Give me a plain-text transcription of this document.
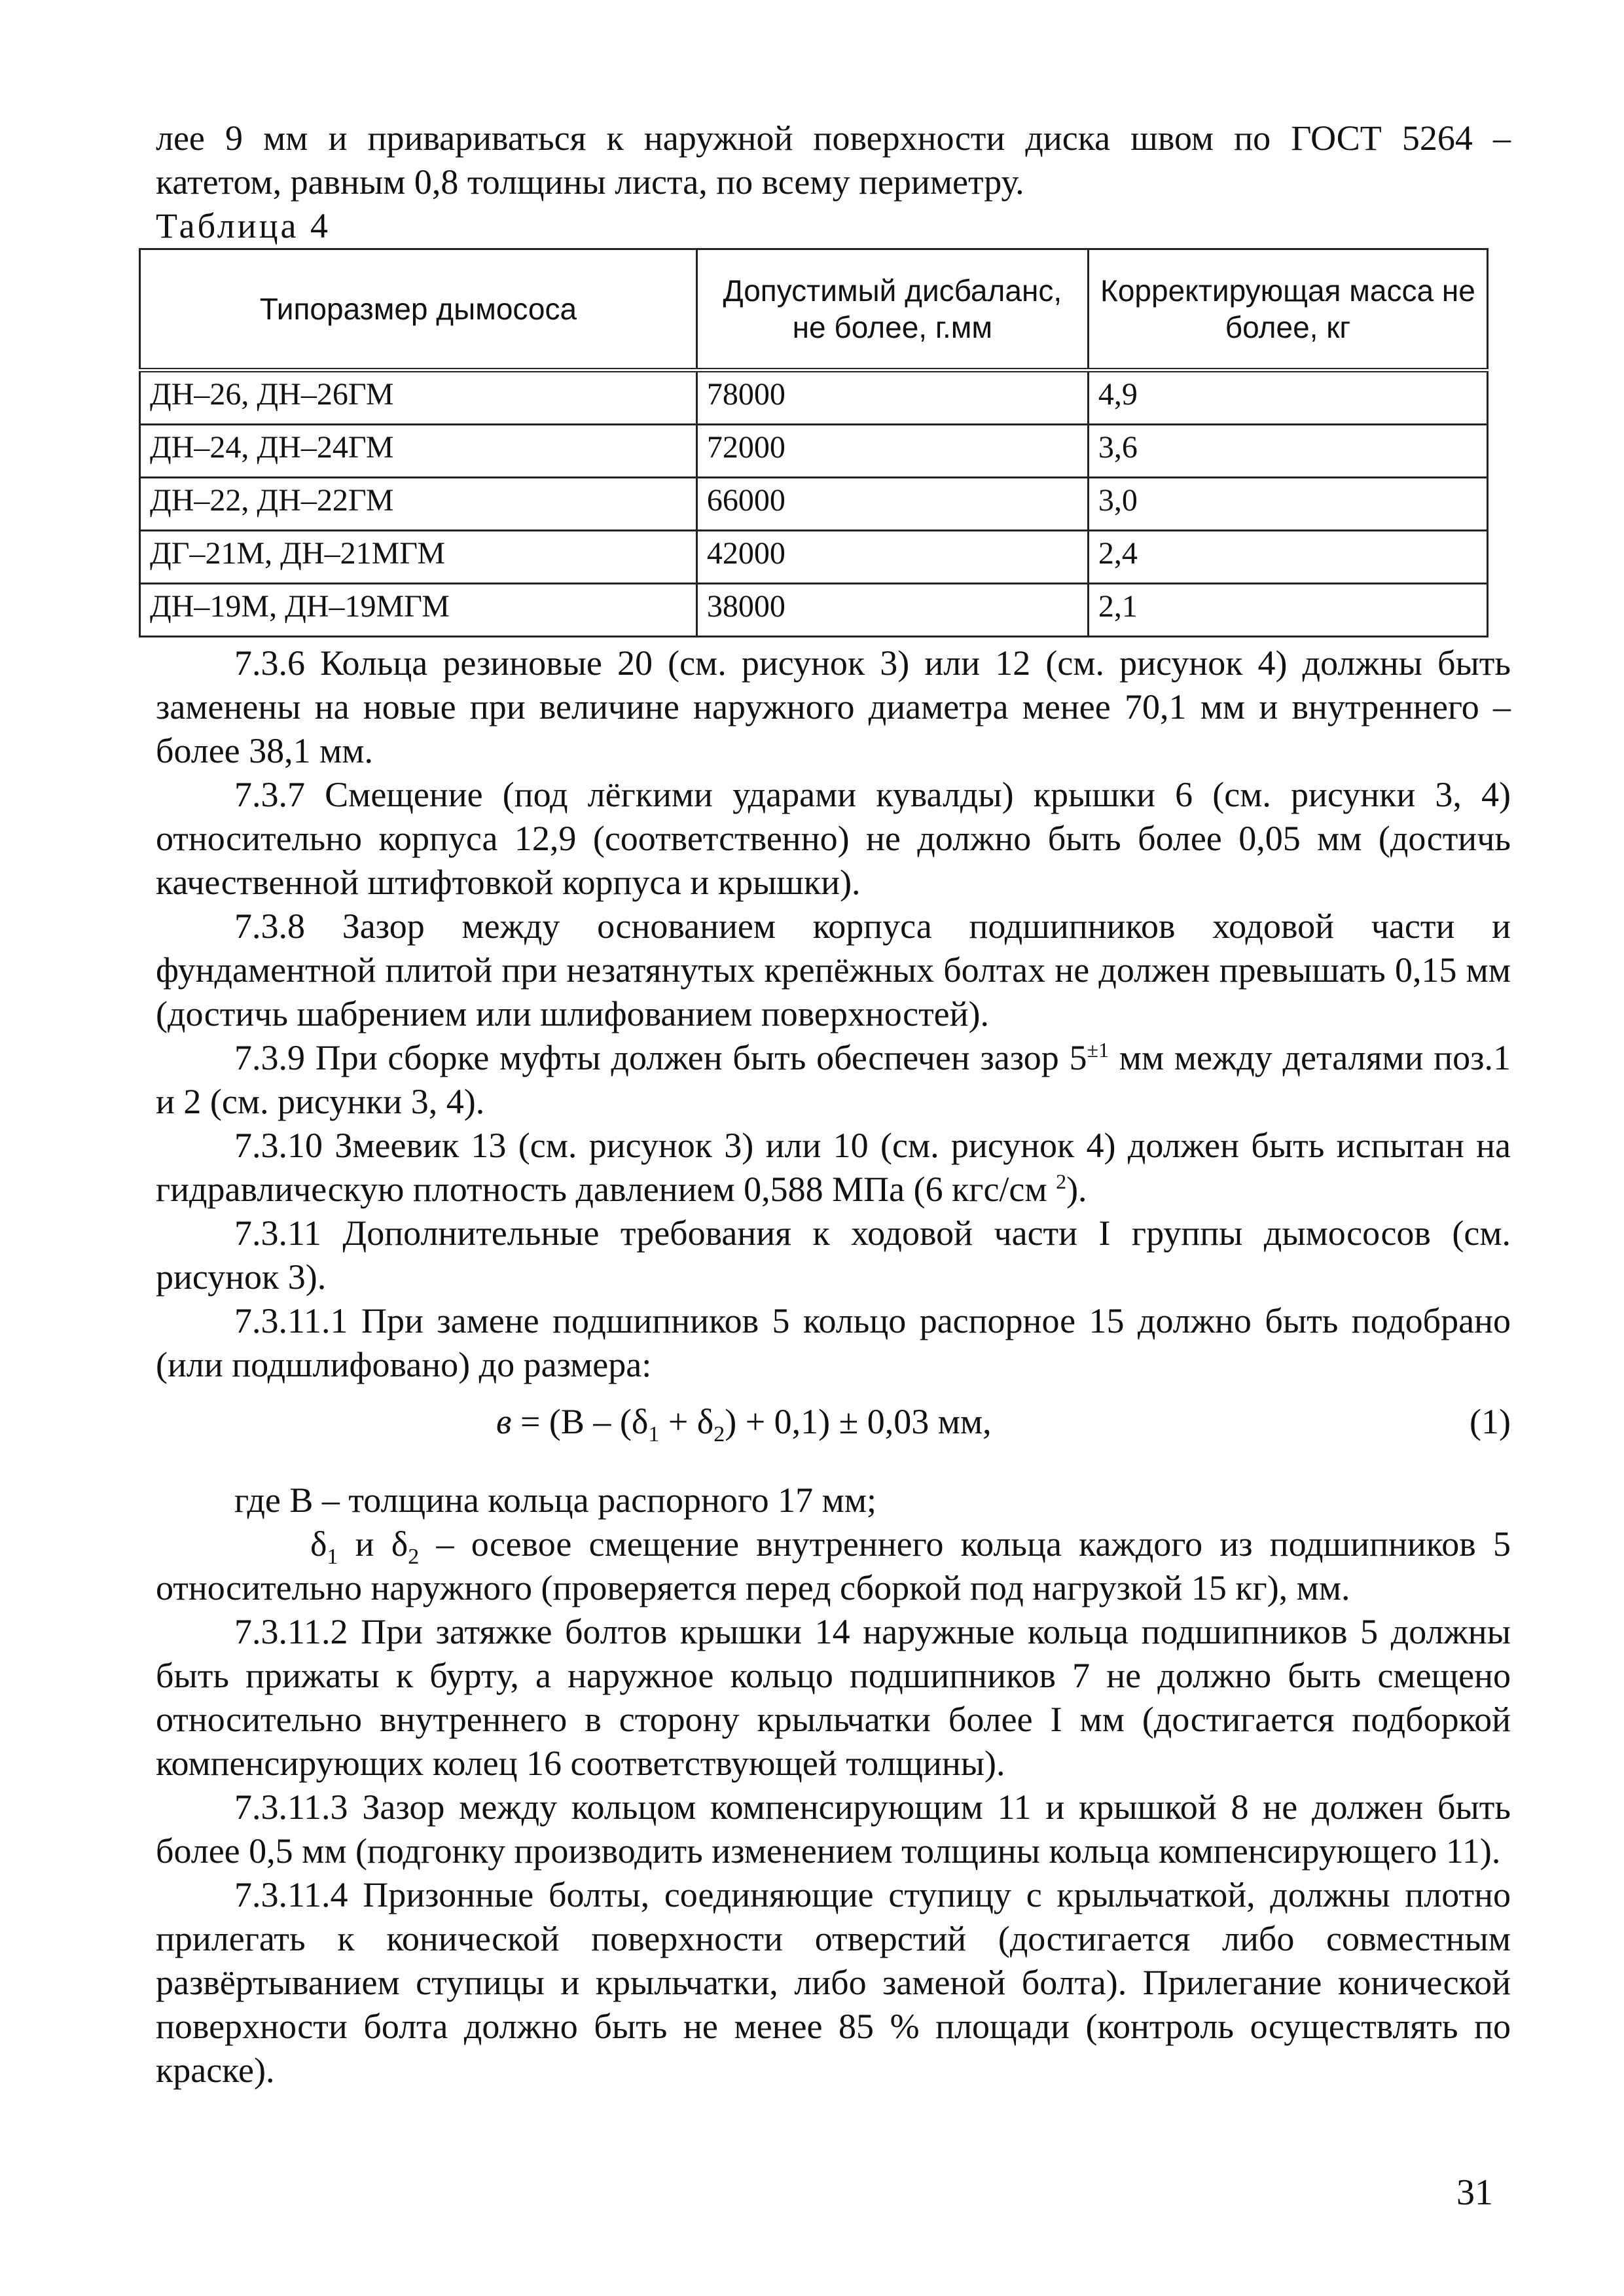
лее 9 мм и привариваться к наружной поверхности диска швом по ГОСТ 5264 –

катетом, равным 0,8 толщины листа, по всему периметру.

Таблица 4

Типоразмер дымососа	Допустимый дисбаланс, не более, г.мм	Корректирующая масса не более, кг
ДН–26, ДН–26ГМ	78000	4,9
ДН–24, ДН–24ГМ	72000	3,6
ДН–22, ДН–22ГМ	66000	3,0
ДГ–21М, ДН–21МГМ	42000	2,4
ДН–19М, ДН–19МГМ	38000	2,1

7.3.6 Кольца резиновые 20 (см. рисунок 3) или 12 (см. рисунок 4) должны быть заменены на новые при величине наружного диаметра менее 70,1 мм и внутреннего – более 38,1 мм.

7.3.7 Смещение (под лёгкими ударами кувалды) крышки 6 (см. рисунки 3, 4) относительно корпуса 12,9 (соответственно) не должно быть более 0,05 мм (достичь качественной штифтовкой корпуса и крышки).

7.3.8 Зазор между основанием корпуса подшипников ходовой части и фундаментной плитой при незатянутых крепёжных болтах не должен превышать 0,15 мм (достичь шабрением или шлифованием поверхностей).

7.3.9 При сборке муфты должен быть обеспечен зазор $5^{\pm 1}$ мм между деталями поз.1 и 2 (см. рисунки 3, 4).

7.3.10 Змеевик 13 (см. рисунок 3) или 10 (см. рисунок 4) должен быть испытан на гидравлическую плотность давлением 0,588 МПа (6 кгс/см $^2$).

7.3.11 Дополнительные требования к ходовой части I группы дымососов (см. рисунок 3).

7.3.11.1 При замене подшипников 5 кольцо распорное 15 должно быть подобрано (или подшлифовано) до размера:

$в = (В - (\delta_1 + \delta_2) + 0,1) \pm 0,03$ мм,	(1)

где В – толщина кольца распорного 17 мм;

$\delta_1$ и $\delta_2$ – осевое смещение внутреннего кольца каждого из подшипников 5 относительно наружного (проверяется перед сборкой под нагрузкой 15 кг), мм.

7.3.11.2 При затяжке болтов крышки 14 наружные кольца подшипников 5 должны быть прижаты к бурту, а наружное кольцо подшипников 7 не должно быть смещено относительно внутреннего в сторону крыльчатки более I мм (достигается подборкой компенсирующих колец 16 соответствующей толщины).

7.3.11.3 Зазор между кольцом компенсирующим 11 и крышкой 8 не должен быть более 0,5 мм (подгонку производить изменением толщины кольца компенсирующего 11).

7.3.11.4 Призонные болты, соединяющие ступицу с крыльчаткой, должны плотно прилегать к конической поверхности отверстий (достигается либо совместным развёртыванием ступицы и крыльчатки, либо заменой болта). Прилегание конической поверхности болта должно быть не менее 85 % площади (контроль осуществлять по краске).

31
